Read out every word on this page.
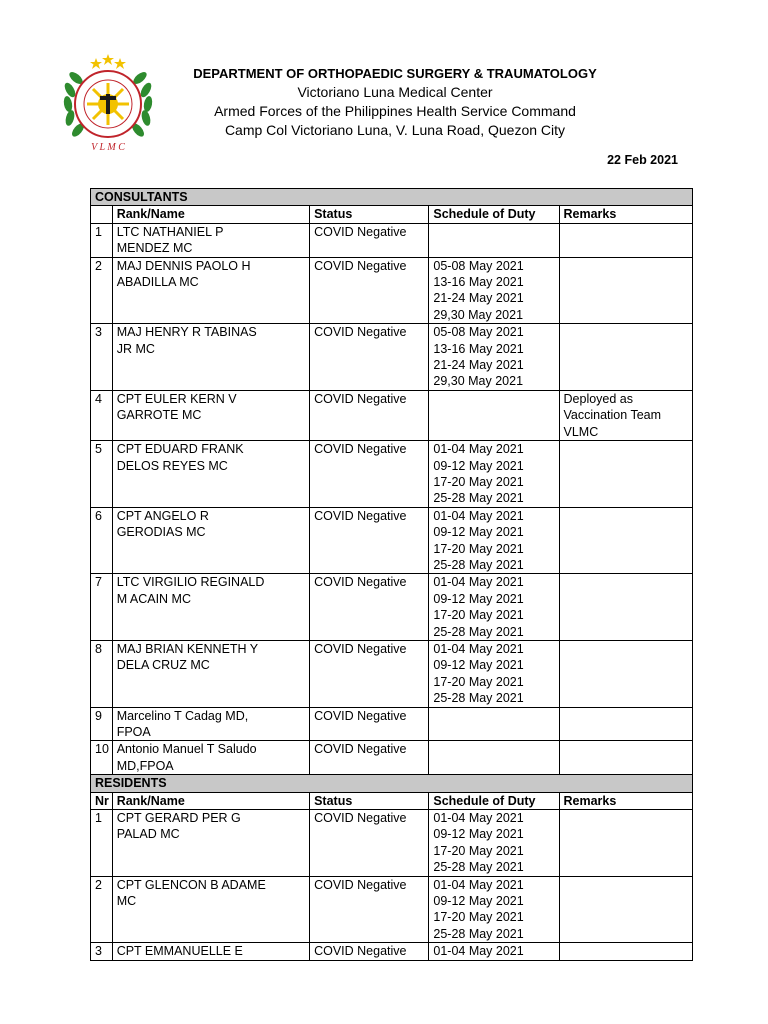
V L M C
DEPARTMENT OF ORTHOPAEDIC SURGERY & TRAUMATOLOGY
Victoriano Luna Medical Center
Armed Forces of the Philippines Health Service Command
Camp Col Victoriano Luna, V. Luna Road, Quezon City
22 Feb 2021
CONSULTANTS				
	Rank/Name	Status	Schedule of Duty	Remarks
1	LTC NATHANIEL P
MENDEZ MC	COVID Negative		
2	MAJ DENNIS PAOLO H
ABADILLA MC	COVID Negative	05-08 May 2021
13-16 May 2021
21-24 May 2021
29,30 May 2021	
3	MAJ HENRY R TABINAS
JR MC	COVID Negative	05-08 May 2021
13-16 May 2021
21-24 May 2021
29,30 May 2021	
4	CPT EULER KERN V
GARROTE MC	COVID Negative		Deployed as
Vaccination Team
VLMC
5	CPT EDUARD FRANK
DELOS REYES MC	COVID Negative	01-04 May 2021
09-12 May 2021
17-20 May 2021
25-28 May 2021	
6	CPT ANGELO R
GERODIAS MC	COVID Negative	01-04 May 2021
09-12 May 2021
17-20 May 2021
25-28 May 2021	
7	LTC VIRGILIO REGINALD
M ACAIN MC	COVID Negative	01-04 May 2021
09-12 May 2021
17-20 May 2021
25-28 May 2021	
8	MAJ BRIAN KENNETH Y
DELA CRUZ MC	COVID Negative	01-04 May 2021
09-12 May 2021
17-20 May 2021
25-28 May 2021	
9	Marcelino T Cadag MD,
FPOA	COVID Negative		
10	Antonio Manuel T Saludo
MD,FPOA	COVID Negative		
RESIDENTS				
Nr	Rank/Name	Status	Schedule of Duty	Remarks
1	CPT GERARD PER G
PALAD MC	COVID Negative	01-04 May 2021
09-12 May 2021
17-20 May 2021
25-28 May 2021	
2	CPT GLENCON B ADAME
MC	COVID Negative	01-04 May 2021
09-12 May 2021
17-20 May 2021
25-28 May 2021	
3	CPT EMMANUELLE E	COVID Negative	01-04 May 2021	
